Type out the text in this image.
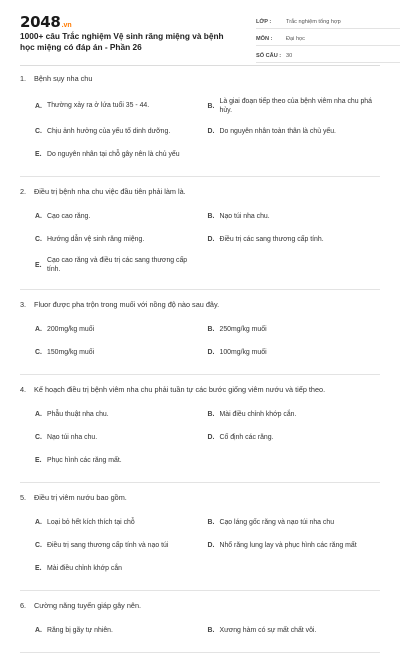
2048 .vn
1000+ câu Trắc nghiệm Vệ sinh răng miệng và bệnh học miệng có đáp án - Phần 26
LỚP :	Trắc nghiệm tổng hợp
MÔN :	Đại học
SỐ CÂU : 30
1.	Bệnh sụy nha chu
A. Thường xảy ra ở lứa tuổi 35 - 44.	B.
Là giai đoạn tiếp theo của bệnh viêm nha chu phá hủy.
C. Chịu ảnh hưởng của yếu tố dinh dưỡng.	D. Do nguyên nhân toàn thân là chủ yếu.
E. Do nguyên nhân tại chỗ gây nên là chủ yếu
2.	Điều trị bệnh nha chu việc đầu tiên phải làm là.
A. Cạo cao răng.	B. Nạo túi nha chu.
C. Hướng dẫn vệ sinh răng miệng.	D. Điều trị các sang thương cấp tính.
E.
Cạo cao răng và điều trị các sang thương cấp tính.
3.	Fluor được pha trộn trong muối với nồng độ nào sau đây.
A. 200mg/kg muối	B. 250mg/kg muối
C. 150mg/kg muối	D. 100mg/kg muối
4.	Kế hoạch điều trị bệnh viêm nha chu phải tuần tự các bước giống viêm nướu và tiếp theo.
A. Phẫu thuật nha chu.	B. Mài điều chỉnh khớp cắn.
C. Nạo túi nha chu.	D. Cố định các răng.
E. Phục hình các răng mất.
5.	Điều trị viêm nướu bao gồm.
A. Loại bỏ hết kích thích tại chỗ	B. Cạo láng gốc răng và nạo túi nha chu
C. Điều trị sang thương cấp tính và nạo túi	D. Nhổ răng lung lay và phục hình các răng mất
E. Mài điều chỉnh khớp cắn
6.	Cường năng tuyến giáp gây nên.
A. Răng bị gãy tự nhiên.	B. Xương hàm có sự mất chất vôi.
